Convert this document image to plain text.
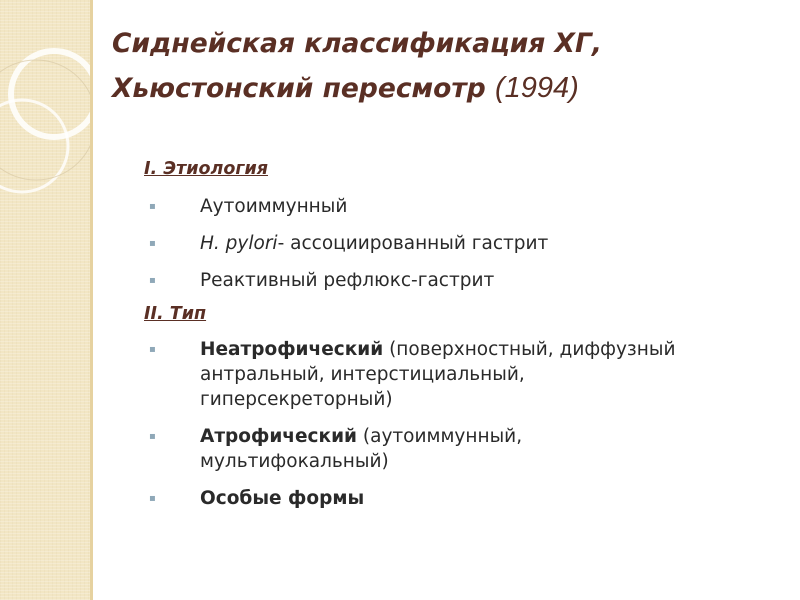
Сиднейская классификация ХГ,
Хьюстонский пересмотр (1994)
I. Этиология
▪ Аутоиммунный
▪ H. pylori- ассоциированный гастрит
▪ Реактивный рефлюкс-гастрит
II. Тип
▪ Неатрофический (поверхностный, диффузный
антральный, интерстициальный,
гиперсекреторный)
▪ Атрофический (аутоиммунный,
мультифокальный)
▪ Особые формы
